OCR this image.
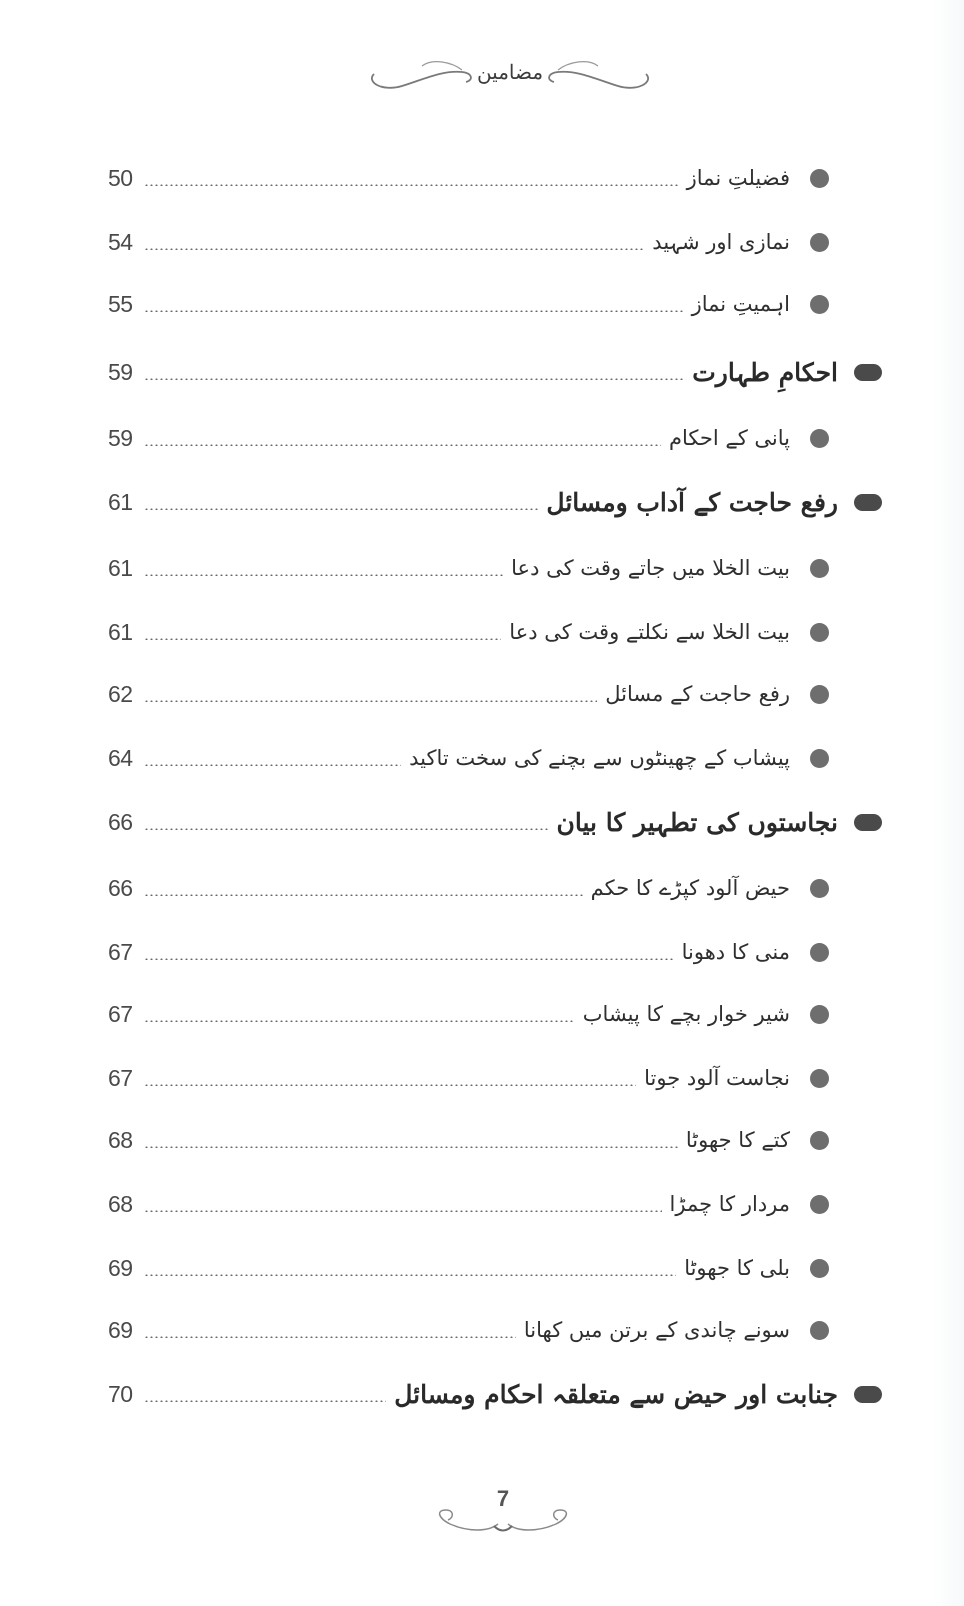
مضامین
50	فضیلتِ نماز
54	نمازی اور شہید
55	اہمیتِ نماز
59	احکامِ طہارت
59	پانی کے احکام
61	رفع حاجت کے آداب ومسائل
61	بیت الخلا میں جاتے وقت کی دعا
61	بیت الخلا سے نکلتے وقت کی دعا
62	رفع حاجت کے مسائل
64	پیشاب کے چھینٹوں سے بچنے کی سخت تاکید
66	نجاستوں کی تطہیر کا بیان
66	حیض آلود کپڑے کا حکم
67	منی کا دھونا
67	شیر خوار بچے کا پیشاب
67	نجاست آلود جوتا
68	کتے کا جھوٹا
68	مردار کا چمڑا
69	بلی کا جھوٹا
69	سونے چاندی کے برتن میں کھانا
70	جنابت اور حیض سے متعلقہ احکام ومسائل
7
